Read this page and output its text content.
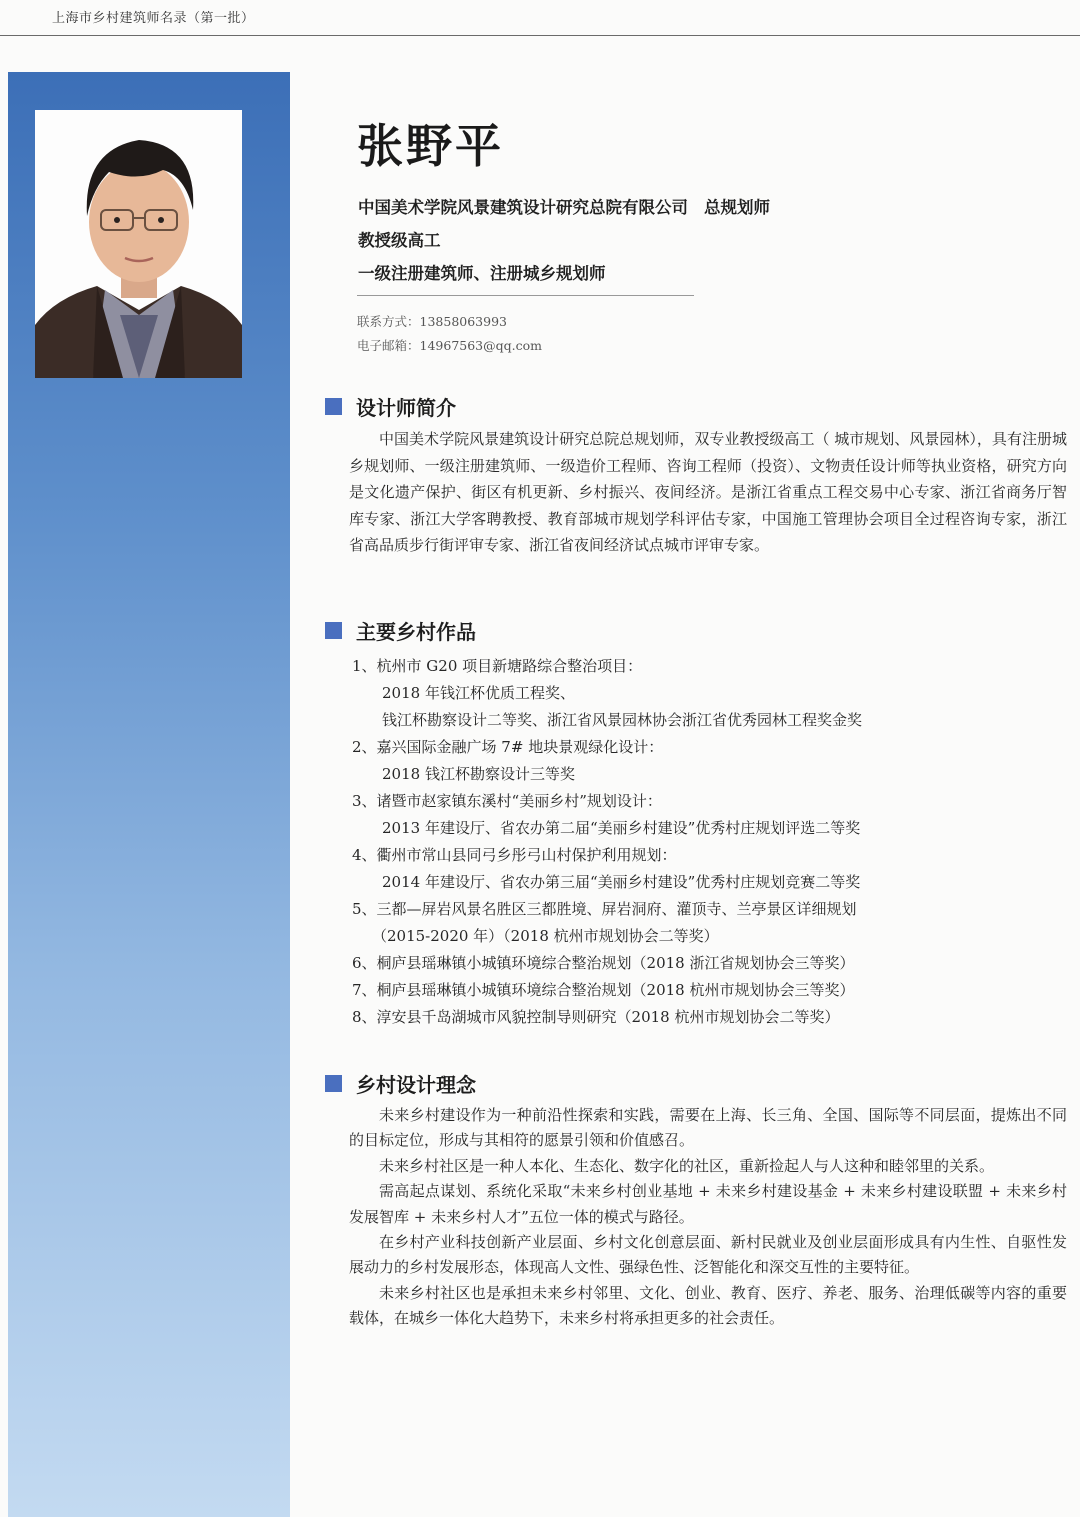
上海市乡村建筑师名录（第一批）
张野平
中国美术学院风景建筑设计研究总院有限公司 总规划师
教授级高工
一级注册建筑师、注册城乡规划师
联系方式：13858063993
电子邮箱：14967563@qq.com
设计师简介
中国美术学院风景建筑设计研究总院总规划师，双专业教授级高工（ 城市规划、风景园林），具有注册城乡规划师、一级注册建筑师、一级造价工程师、咨询工程师（投资）、文物责任设计师等执业资格，研究方向是文化遗产保护、街区有机更新、乡村振兴、夜间经济。是浙江省重点工程交易中心专家、浙江省商务厅智库专家、浙江大学客聘教授、教育部城市规划学科评估专家，中国施工管理协会项目全过程咨询专家，浙江省高品质步行街评审专家、浙江省夜间经济试点城市评审专家。
主要乡村作品
1、杭州市 G20 项目新塘路综合整治项目：
2018 年钱江杯优质工程奖、
钱江杯勘察设计二等奖、浙江省风景园林协会浙江省优秀园林工程奖金奖
2、嘉兴国际金融广场 7# 地块景观绿化设计：
2018 钱江杯勘察设计三等奖
3、诸暨市赵家镇东溪村“美丽乡村”规划设计：
2013 年建设厅、省农办第二届“美丽乡村建设”优秀村庄规划评选二等奖
4、衢州市常山县同弓乡彤弓山村保护利用规划：
2014 年建设厅、省农办第三届“美丽乡村建设”优秀村庄规划竞赛二等奖
5、三都—屏岩风景名胜区三都胜境、屏岩洞府、灌顶寺、兰亭景区详细规划
（2015-2020 年）（2018 杭州市规划协会二等奖）
6、桐庐县瑶琳镇小城镇环境综合整治规划（2018 浙江省规划协会三等奖）
7、桐庐县瑶琳镇小城镇环境综合整治规划（2018 杭州市规划协会三等奖）
8、淳安县千岛湖城市风貌控制导则研究（2018 杭州市规划协会二等奖）
乡村设计理念

未来乡村建设作为一种前沿性探索和实践，需要在上海、长三角、全国、国际等不同层面，提炼出不同的目标定位，形成与其相符的愿景引领和价值感召。

未来乡村社区是一种人本化、生态化、数字化的社区，重新捡起人与人这种和睦邻里的关系。

需高起点谋划、系统化采取“未来乡村创业基地 + 未来乡村建设基金 + 未来乡村建设联盟 + 未来乡村发展智库 + 未来乡村人才”五位一体的模式与路径。

在乡村产业科技创新产业层面、乡村文化创意层面、新村民就业及创业层面形成具有内生性、自驱性发展动力的乡村发展形态，体现高人文性、强绿色性、泛智能化和深交互性的主要特征。

未来乡村社区也是承担未来乡村邻里、文化、创业、教育、医疗、养老、服务、治理低碳等内容的重要载体，在城乡一体化大趋势下，未来乡村将承担更多的社会责任。
